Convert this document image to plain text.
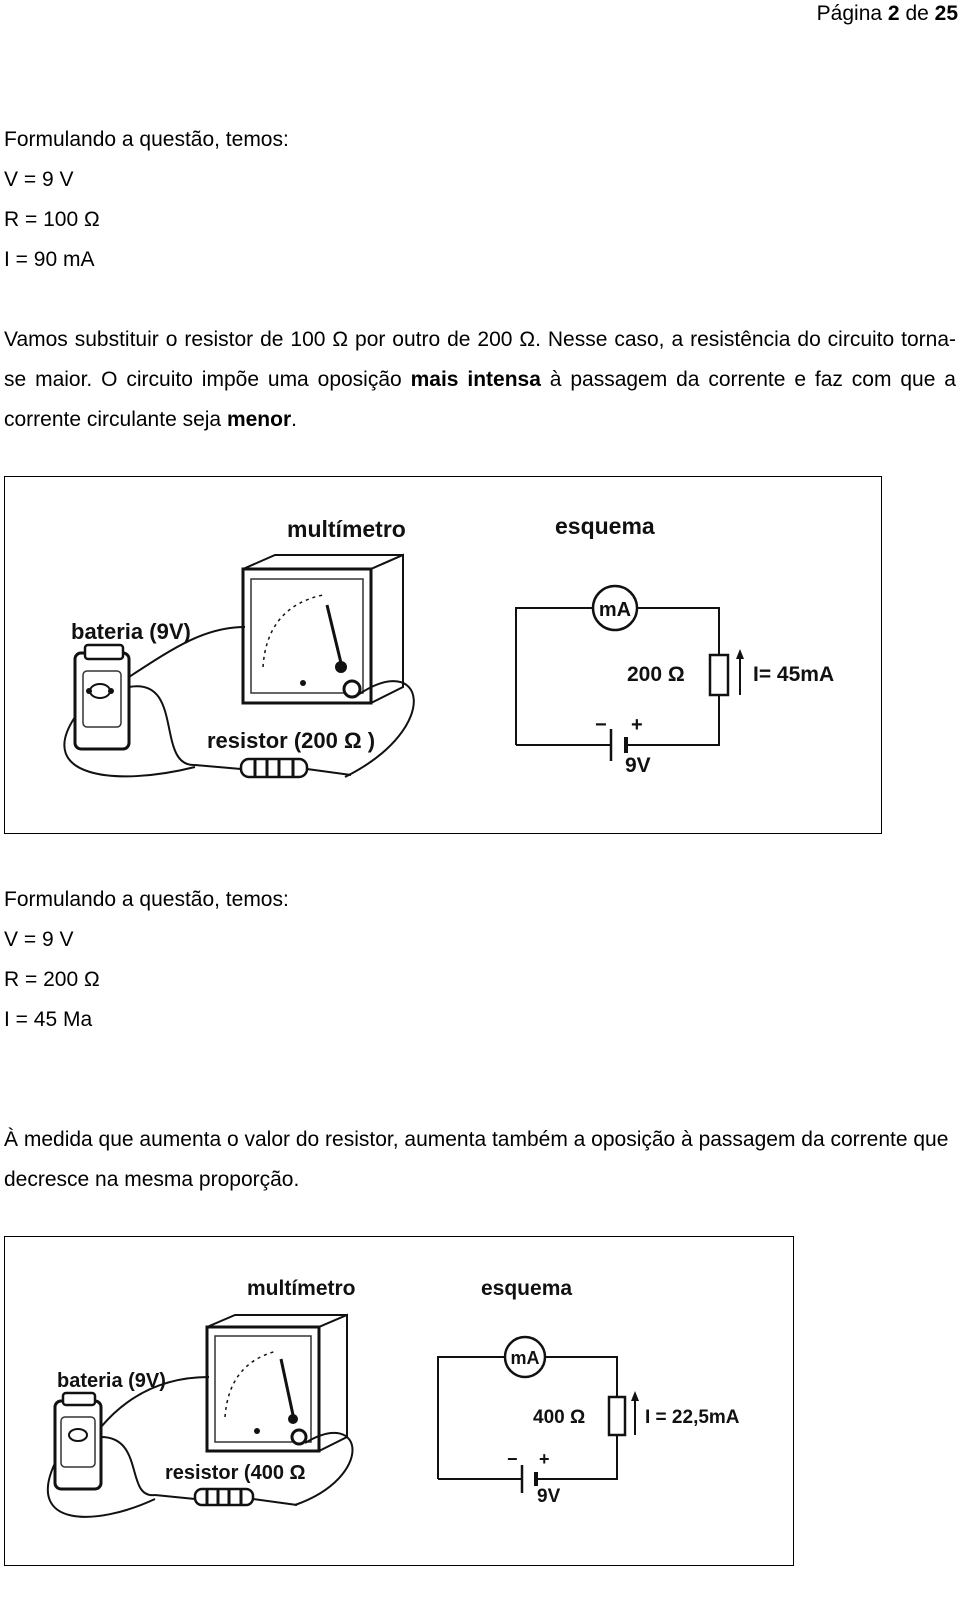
Página 2 de 25
Formulando a questão, temos:
V = 9 V
R = 100 Ω
I = 90 mA
Vamos substituir o resistor de 100 Ω por outro de 200 Ω. Nesse caso, a resistência do circuito torna-se maior. O circuito impõe uma oposição mais intensa à passagem da corrente e faz com que a corrente circulante seja menor.
multímetro	esquema
bateria (9V)
resistor (200 Ω )
mA
200 Ω	I= 45mA
− +
9V
Formulando a questão, temos:
V = 9 V
R = 200 Ω
I = 45 Ma
À medida que aumenta o valor do resistor, aumenta também a oposição à passagem da corrente que decresce na mesma proporção.
multímetro	esquema
bateria (9V)
resistor (400 Ω
mA
400 Ω	I = 22,5mA
− +
9V
